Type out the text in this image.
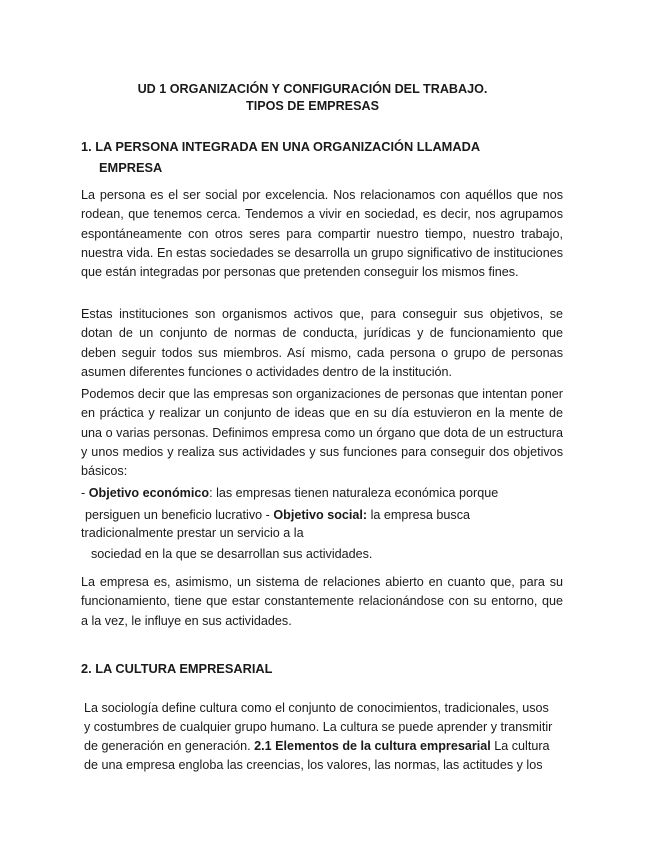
UD 1 ORGANIZACIÓN Y CONFIGURACIÓN DEL TRABAJO.
TIPOS DE EMPRESAS
1. LA PERSONA INTEGRADA EN UNA ORGANIZACIÓN LLAMADA
EMPRESA

La persona es el ser social por excelencia. Nos relacionamos con aquéllos que nos rodean, que tenemos cerca. Tendemos a vivir en sociedad, es decir, nos agrupamos espontáneamente con otros seres para compartir nuestro tiempo, nuestro trabajo, nuestra vida. En estas sociedades se desarrolla un grupo significativo de instituciones que están integradas por personas que pretenden conseguir los mismos fines.

Estas instituciones son organismos activos que, para conseguir sus objetivos, se dotan de un conjunto de normas de conducta, jurídicas y de funcionamiento que deben seguir todos sus miembros. Así mismo, cada persona o grupo de personas asumen diferentes funciones o actividades dentro de la institución.

Podemos decir que las empresas son organizaciones de personas que intentan poner en práctica y realizar un conjunto de ideas que en su día estuvieron en la mente de una o varias personas. Definimos empresa como un órgano que dota de un estructura y unos medios y realiza sus actividades y sus funciones para conseguir dos objetivos básicos:

- Objetivo económico: las empresas tienen naturaleza económica porque

persiguen un beneficio lucrativo - Objetivo social: la empresa busca

tradicionalmente prestar un servicio a la

sociedad en la que se desarrollan sus actividades.

La empresa es, asimismo, un sistema de relaciones abierto en cuanto que, para su funcionamiento, tiene que estar constantemente relacionándose con su entorno, que a la vez, le influye en sus actividades.

2. LA CULTURA EMPRESARIAL

La sociología define cultura como el conjunto de conocimientos, tradicionales, usos

y costumbres de cualquier grupo humano. La cultura se puede aprender y transmitir

de generación en generación. 2.1 Elementos de la cultura empresarial La cultura

de una empresa engloba las creencias, los valores, las normas, las actitudes y los
